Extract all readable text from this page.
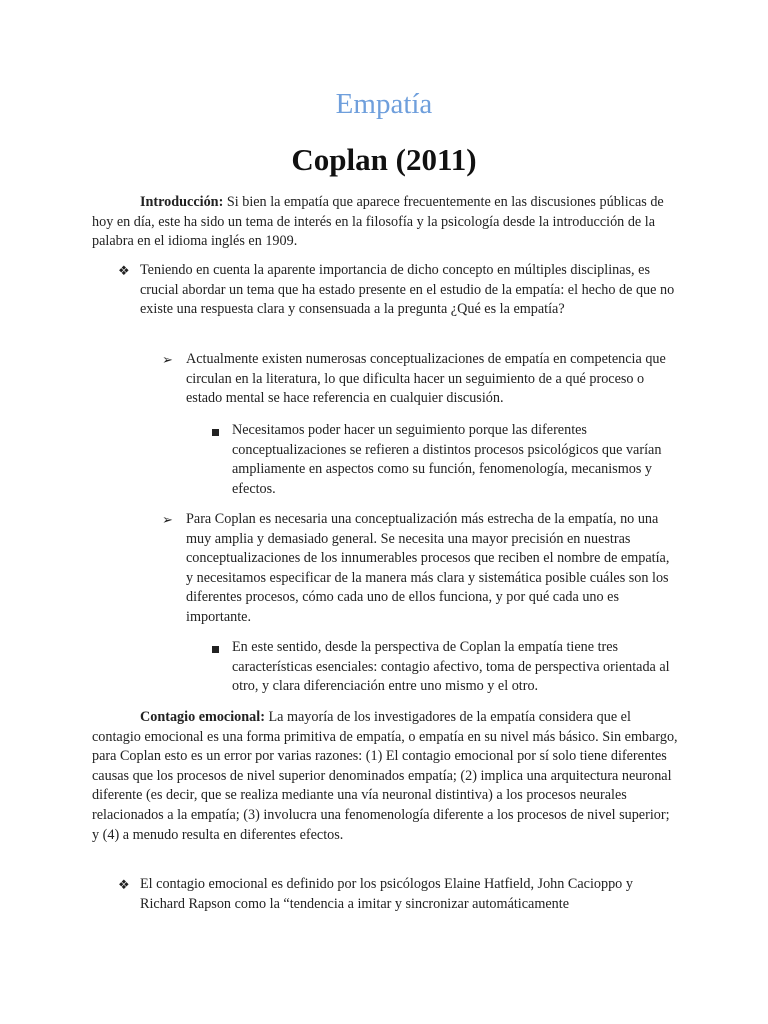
Empatía
Coplan (2011)

Introducción: Si bien la empatía que aparece frecuentemente en las discusiones públicas de hoy en día, este ha sido un tema de interés en la filosofía y la psicología desde la introducción de la palabra en el idioma inglés en 1909.

❖ Teniendo en cuenta la aparente importancia de dicho concepto en múltiples disciplinas, es crucial abordar un tema que ha estado presente en el estudio de la empatía: el hecho de que no existe una respuesta clara y consensuada a la pregunta ¿Qué es la empatía?
➢ Actualmente existen numerosas conceptualizaciones de empatía en competencia que circulan en la literatura, lo que dificulta hacer un seguimiento de a qué proceso o estado mental se hace referencia en cualquier discusión.
Necesitamos poder hacer un seguimiento porque las diferentes conceptualizaciones se refieren a distintos procesos psicológicos que varían ampliamente en aspectos como su función, fenomenología, mecanismos y efectos.
➢ Para Coplan es necesaria una conceptualización más estrecha de la empatía, no una muy amplia y demasiado general. Se necesita una mayor precisión en nuestras conceptualizaciones de los innumerables procesos que reciben el nombre de empatía, y necesitamos especificar de la manera más clara y sistemática posible cuáles son los diferentes procesos, cómo cada uno de ellos funciona, y por qué cada uno es importante.
En este sentido, desde la perspectiva de Coplan la empatía tiene tres características esenciales: contagio afectivo, toma de perspectiva orientada al otro, y clara diferenciación entre uno mismo y el otro.

Contagio emocional: La mayoría de los investigadores de la empatía considera que el contagio emocional es una forma primitiva de empatía, o empatía en su nivel más básico. Sin embargo, para Coplan esto es un error por varias razones: (1) El contagio emocional por sí solo tiene diferentes causas que los procesos de nivel superior denominados empatía; (2) implica una arquitectura neuronal diferente (es decir, que se realiza mediante una vía neuronal distintiva) a los procesos neurales relacionados a la empatía; (3) involucra una fenomenología diferente a los procesos de nivel superior; y (4) a menudo resulta en diferentes efectos.

❖ El contagio emocional es definido por los psicólogos Elaine Hatfield, John Cacioppo y Richard Rapson como la “tendencia a imitar y sincronizar automáticamente
